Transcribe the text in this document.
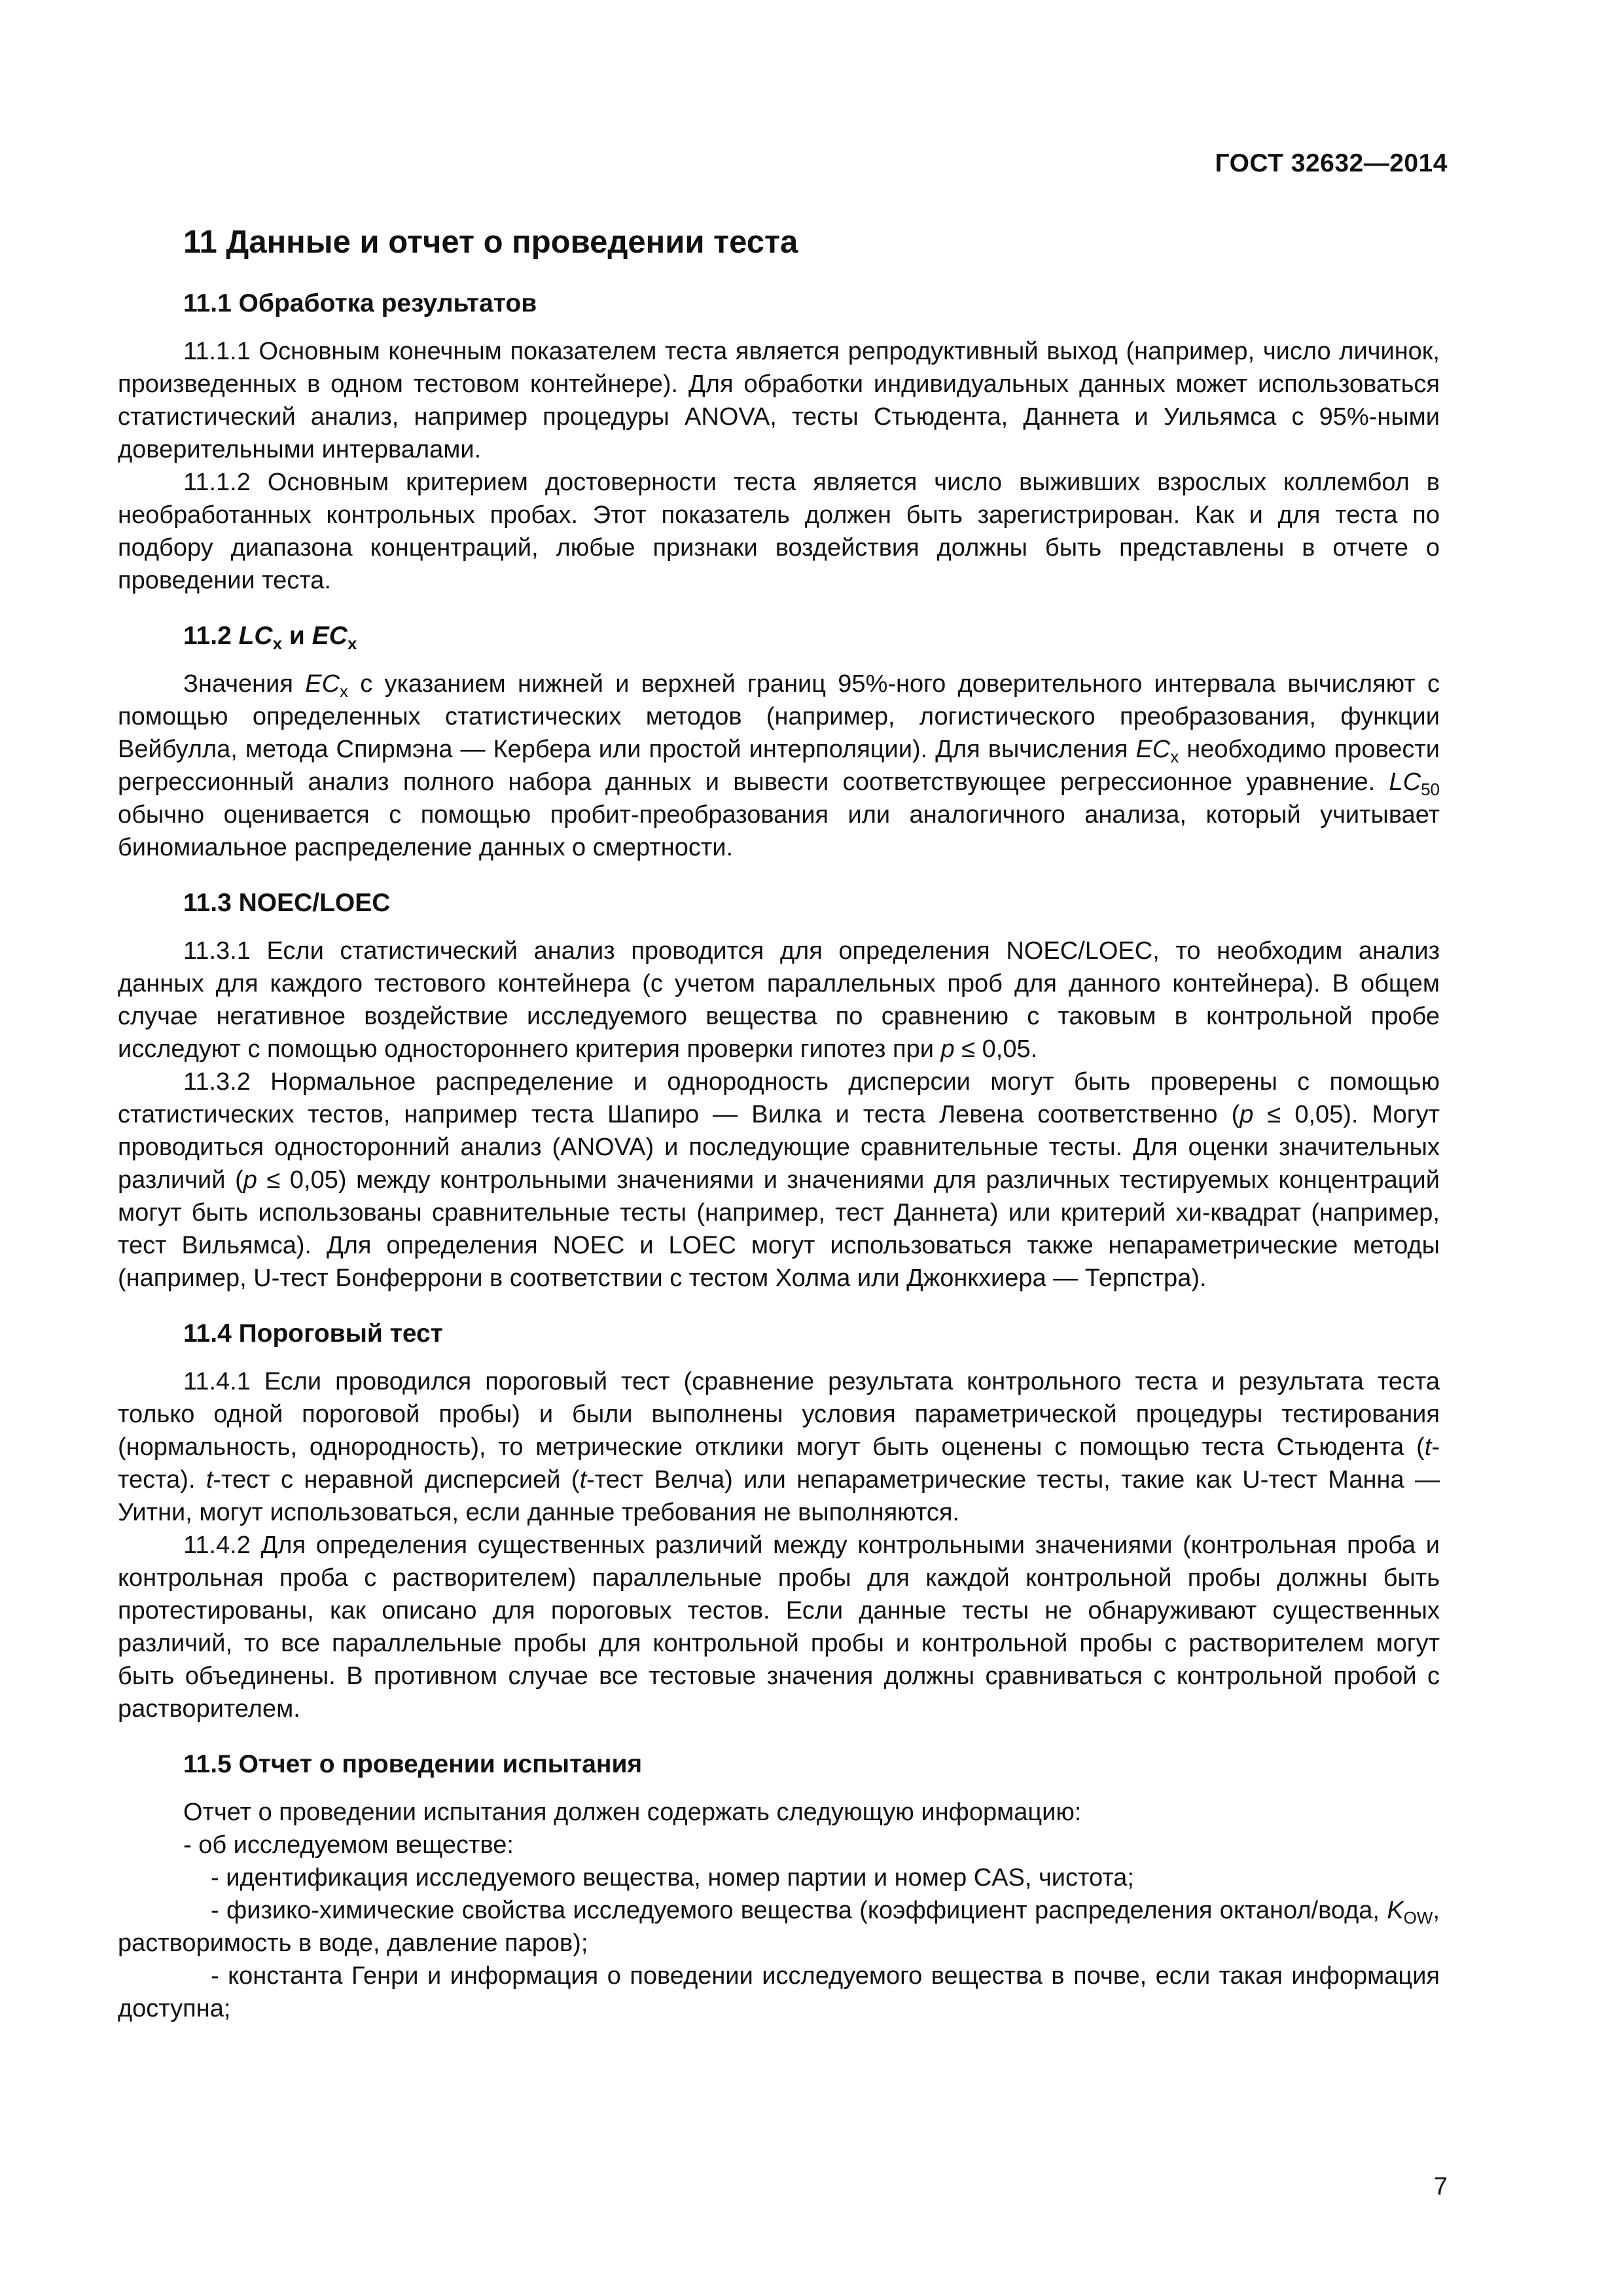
ГОСТ 32632—2014
11 Данные и отчет о проведении теста
11.1 Обработка результатов

11.1.1 Основным конечным показателем теста является репродуктивный выход (например, число личинок, произведенных в одном тестовом контейнере). Для обработки индивидуальных данных может использоваться статистический анализ, например процедуры ANOVA, тесты Стьюдента, Даннета и Уильямса с 95%-ными доверительными интервалами.

11.1.2 Основным критерием достоверности теста является число выживших взрослых коллембол в необработанных контрольных пробах. Этот показатель должен быть зарегистрирован. Как и для теста по подбору диапазона концентраций, любые признаки воздействия должны быть представлены в отчете о проведении теста.

11.2 $LC_x$ и $EC_x$

Значения $EC_x$ с указанием нижней и верхней границ 95%-ного доверительного интервала вычисляют с помощью определенных статистических методов (например, логистического преобразования, функции Вейбулла, метода Спирмэна — Кербера или простой интерполяции). Для вычисления $EC_x$ необходимо провести регрессионный анализ полного набора данных и вывести соответствующее регрессионное уравнение. $LC_{50}$ обычно оценивается с помощью пробит-преобразования или аналогичного анализа, который учитывает биномиальное распределение данных о смертности.

11.3 NOEC/LOEC

11.3.1 Если статистический анализ проводится для определения NOEC/LOEC, то необходим анализ данных для каждого тестового контейнера (с учетом параллельных проб для данного контейнера). В общем случае негативное воздействие исследуемого вещества по сравнению с таковым в контрольной пробе исследуют с помощью одностороннего критерия проверки гипотез при p ≤ 0,05.

11.3.2 Нормальное распределение и однородность дисперсии могут быть проверены с помощью статистических тестов, например теста Шапиро — Вилка и теста Левена соответственно (p ≤ 0,05). Могут проводиться односторонний анализ (ANOVA) и последующие сравнительные тесты. Для оценки значительных различий (p ≤ 0,05) между контрольными значениями и значениями для различных тестируемых концентраций могут быть использованы сравнительные тесты (например, тест Даннета) или критерий хи-квадрат (например, тест Вильямса). Для определения NOEC и LOEC могут использоваться также непараметрические методы (например, U-тест Бонферрони в соответствии с тестом Холма или Джонкхиера — Терпстра).

11.4 Пороговый тест

11.4.1 Если проводился пороговый тест (сравнение результата контрольного теста и результата теста только одной пороговой пробы) и были выполнены условия параметрической процедуры тестирования (нормальность, однородность), то метрические отклики могут быть оценены с помощью теста Стьюдента (t-теста). t-тест с неравной дисперсией (t-тест Велча) или непараметрические тесты, такие как U-тест Манна — Уитни, могут использоваться, если данные требования не выполняются.

11.4.2 Для определения существенных различий между контрольными значениями (контрольная проба и контрольная проба с растворителем) параллельные пробы для каждой контрольной пробы должны быть протестированы, как описано для пороговых тестов. Если данные тесты не обнаруживают существенных различий, то все параллельные пробы для контрольной пробы и контрольной пробы с растворителем могут быть объединены. В противном случае все тестовые значения должны сравниваться с контрольной пробой с растворителем.

11.5 Отчет о проведении испытания

Отчет о проведении испытания должен содержать следующую информацию:

- об исследуемом веществе:

- идентификация исследуемого вещества, номер партии и номер CAS, чистота;

- физико-химические свойства исследуемого вещества (коэффициент распределения октанол/вода, $K_{OW}$, растворимость в воде, давление паров);

- константа Генри и информация о поведении исследуемого вещества в почве, если такая информация доступна;

7
